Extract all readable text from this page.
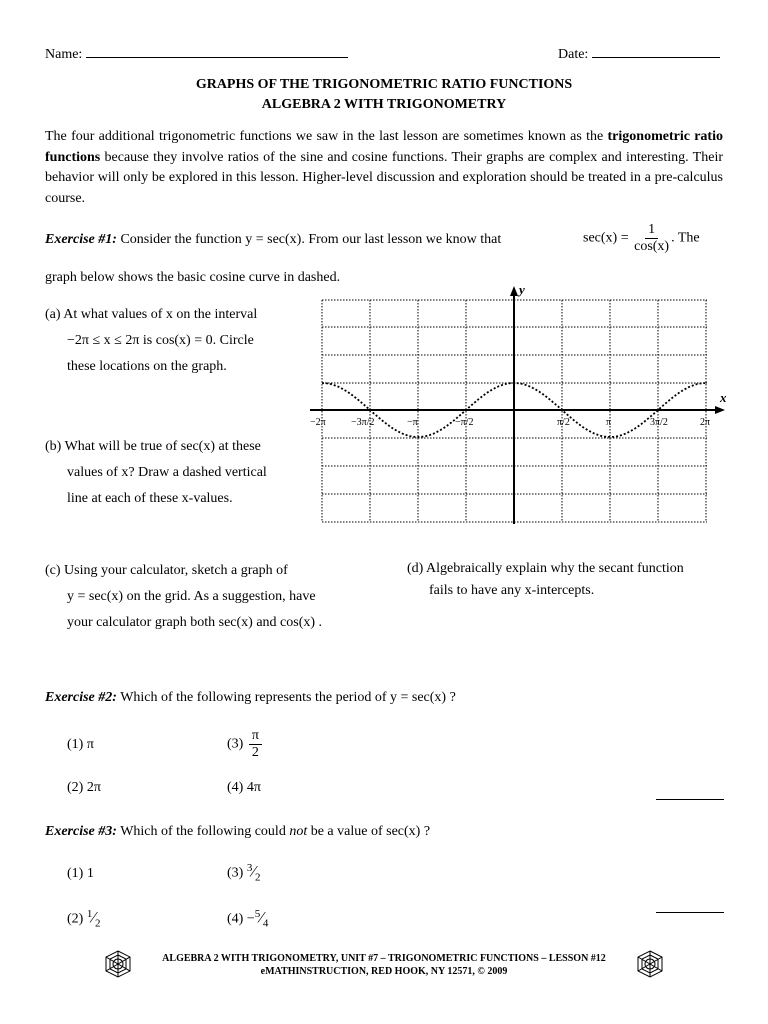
Name:	Date:
GRAPHS OF THE TRIGONOMETRIC RATIO FUNCTIONS
ALGEBRA 2 WITH TRIGONOMETRY
The four additional trigonometric functions we saw in the last lesson are sometimes known as the trigonometric ratio functions because they involve ratios of the sine and cosine functions. Their graphs are complex and interesting. Their behavior will only be explored in this lesson. Higher-level discussion and exploration should be treated in a pre-calculus course.
Exercise #1: Consider the function y = sec(x). From our last lesson we know that	$\sec(x) = \frac{1}{\cos(x)}$ . The
graph below shows the basic cosine curve in dashed.
(a) At what values of x on the interval
−2π ≤ x ≤ 2π is cos(x) = 0. Circle
these locations on the graph.
(b) What will be true of sec(x) at these
values of x? Draw a dashed vertical
line at each of these x-values.
x
y
−2π	−3π/2	−π	−π/2	π/2	π	3π/2	2π
(c) Using your calculator, sketch a graph of
y = sec(x) on the grid. As a suggestion, have
your calculator graph both sec(x) and cos(x) .
(d) Algebraically explain why the secant function
fails to have any x-intercepts.
Exercise #2: Which of the following represents the period of y = sec(x) ?
(1) π	$(3) \frac{\pi}{2}$
(2) 2π	(4) 4π
Exercise #3: Which of the following could not be a value of sec(x) ?
(1) 1	(3) $^3⁄_2$
(2) $^1⁄_2$	$(4) -^5⁄_4$
ALGEBRA 2 WITH TRIGONOMETRY, UNIT #7 – TRIGONOMETRIC FUNCTIONS – LESSON #12
eMATHINSTRUCTION, RED HOOK, NY 12571, © 2009
